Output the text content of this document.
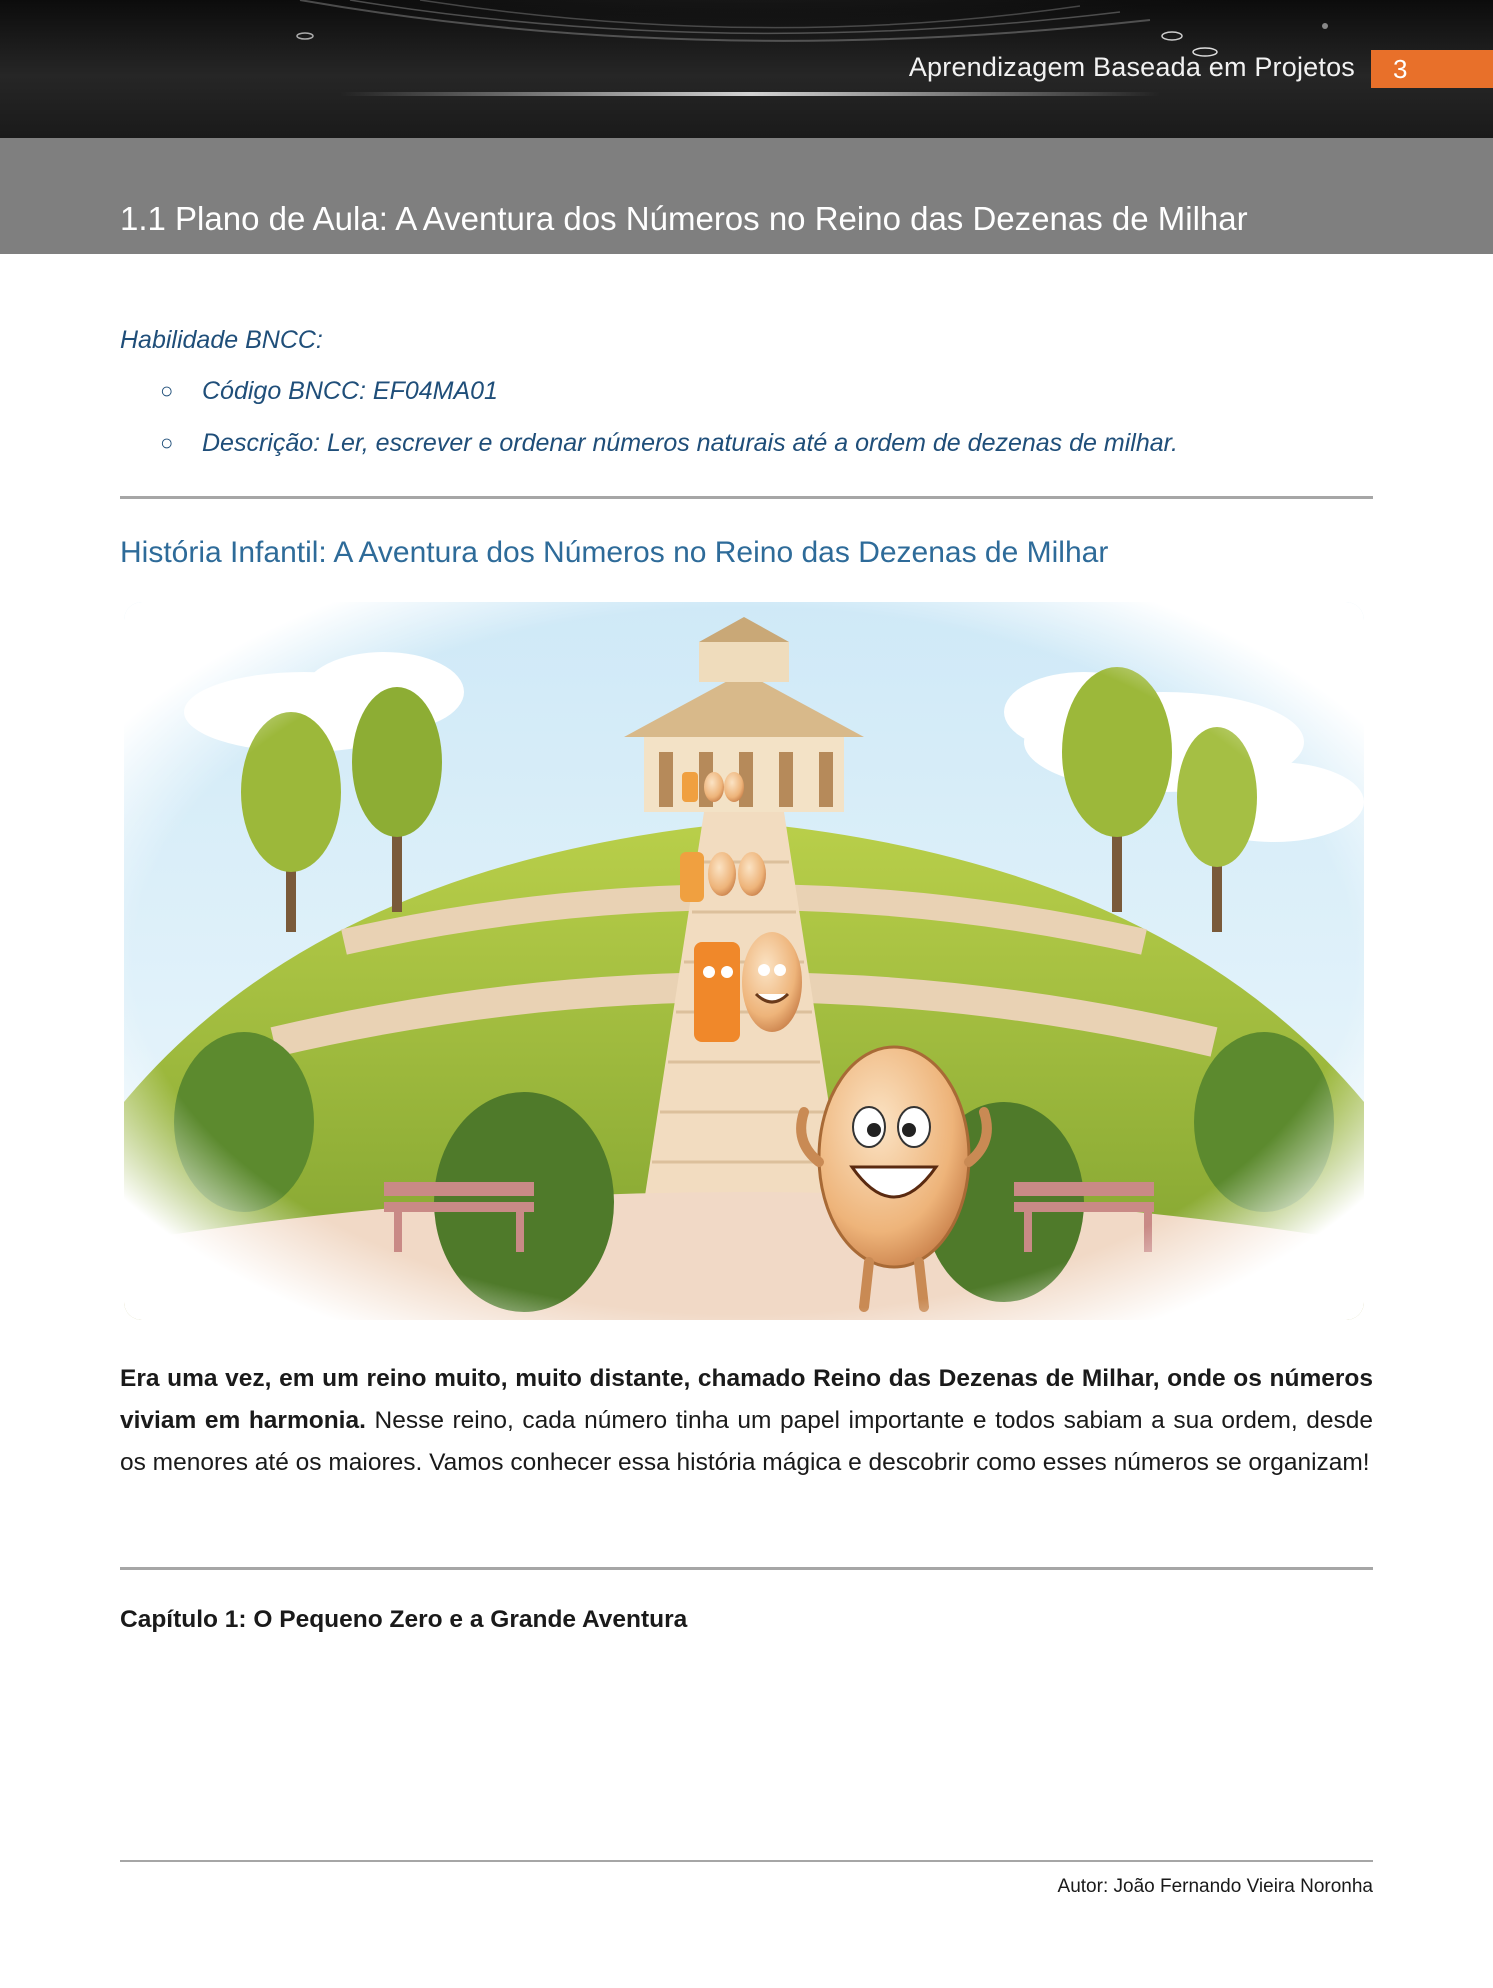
Aprendizagem Baseada em Projetos	3
1.1 Plano de Aula: A Aventura dos Números no Reino das Dezenas de Milhar
Habilidade BNCC:
○ Código BNCC: EF04MA01
○ Descrição: Ler, escrever e ordenar números naturais até a ordem de dezenas de milhar.
História Infantil: A Aventura dos Números no Reino das Dezenas de Milhar

Era uma vez, em um reino muito, muito distante, chamado Reino das Dezenas de Milhar, onde os números viviam em harmonia. Nesse reino, cada número tinha um papel importante e todos sabiam a sua ordem, desde os menores até os maiores. Vamos conhecer essa história mágica e descobrir como esses números se organizam!

Capítulo 1: O Pequeno Zero e a Grande Aventura
Autor: João Fernando Vieira Noronha
